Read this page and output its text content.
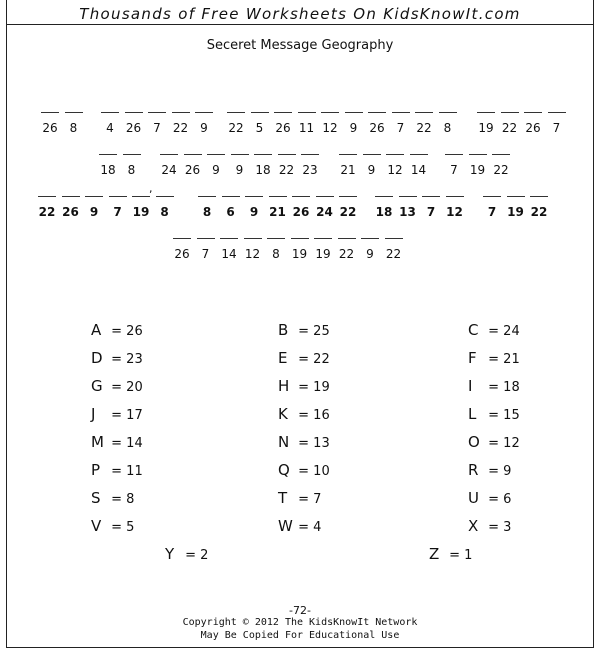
Thousands of Free Worksheets On KidsKnowIt.com
Seceret Message Geography
26	8	4	26	7	22	9	22	5	26 11 12	9	26	7	22	8	19 22 26	7
18	8	24 26	9	9	18 22 23 21	9	12 14	7	19 22
22 26 9	7 19 8	8	6	9 21 26 24 22 18 13 7 12	7 19 22
26	7	14 12	8	19 19 22	9	22
,
A = 26	B = 25	C = 24
D = 23	E = 22	F = 21
G = 20	H = 19	I = 18
J = 17	K = 16	L = 15
M = 14	N = 13	O = 12
P = 11	Q = 10	R = 9
S = 8	T = 7	U = 6
V = 5	W = 4	X = 3
Y = 2	Z = 1
-72-
Copyright © 2012 The KidsKnowIt Network
May Be Copied For Educational Use
